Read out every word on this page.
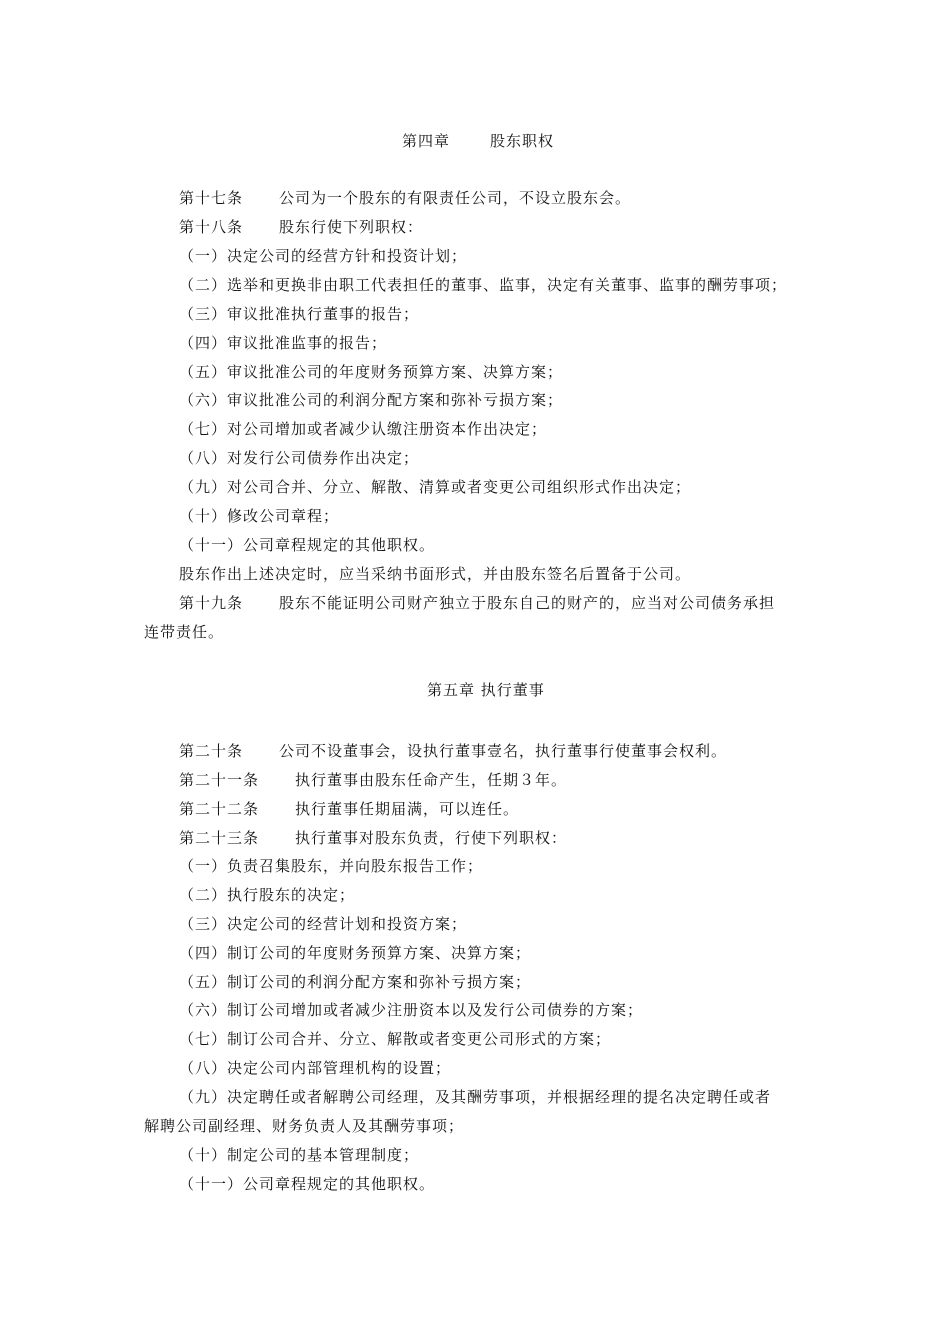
第四章	股东职权
第十七条 公司为一个股东的有限责任公司，不设立股东会。
第十八条 股东行使下列职权：
（一）决定公司的经营方针和投资计划；
（二）选举和更换非由职工代表担任的董事、监事，决定有关董事、监事的酬劳事项；
（三）审议批准执行董事的报告；
（四）审议批准监事的报告；
（五）审议批准公司的年度财务预算方案、决算方案；
（六）审议批准公司的利润分配方案和弥补亏损方案；
（七）对公司增加或者减少认缴注册资本作出决定；
（八）对发行公司债券作出决定；
（九）对公司合并、分立、解散、清算或者变更公司组织形式作出决定；
（十）修改公司章程；
（十一）公司章程规定的其他职权。
股东作出上述决定时，应当采纳书面形式，并由股东签名后置备于公司。
第十九条 股东不能证明公司财产独立于股东自己的财产的，应当对公司债务承担
连带责任。
第五章 执行董事
第二十条 公司不设董事会，设执行董事壹名，执行董事行使董事会权利。
第二十一条 执行董事由股东任命产生，任期３年。
第二十二条 执行董事任期届满，可以连任。
第二十三条 执行董事对股东负责，行使下列职权：
（一）负责召集股东，并向股东报告工作；
（二）执行股东的决定；
（三）决定公司的经营计划和投资方案；
（四）制订公司的年度财务预算方案、决算方案；
（五）制订公司的利润分配方案和弥补亏损方案；
（六）制订公司增加或者减少注册资本以及发行公司债券的方案；
（七）制订公司合并、分立、解散或者变更公司形式的方案；
（八）决定公司内部管理机构的设置；
（九）决定聘任或者解聘公司经理，及其酬劳事项，并根据经理的提名决定聘任或者
解聘公司副经理、财务负责人及其酬劳事项；
（十）制定公司的基本管理制度；
（十一）公司章程规定的其他职权。
